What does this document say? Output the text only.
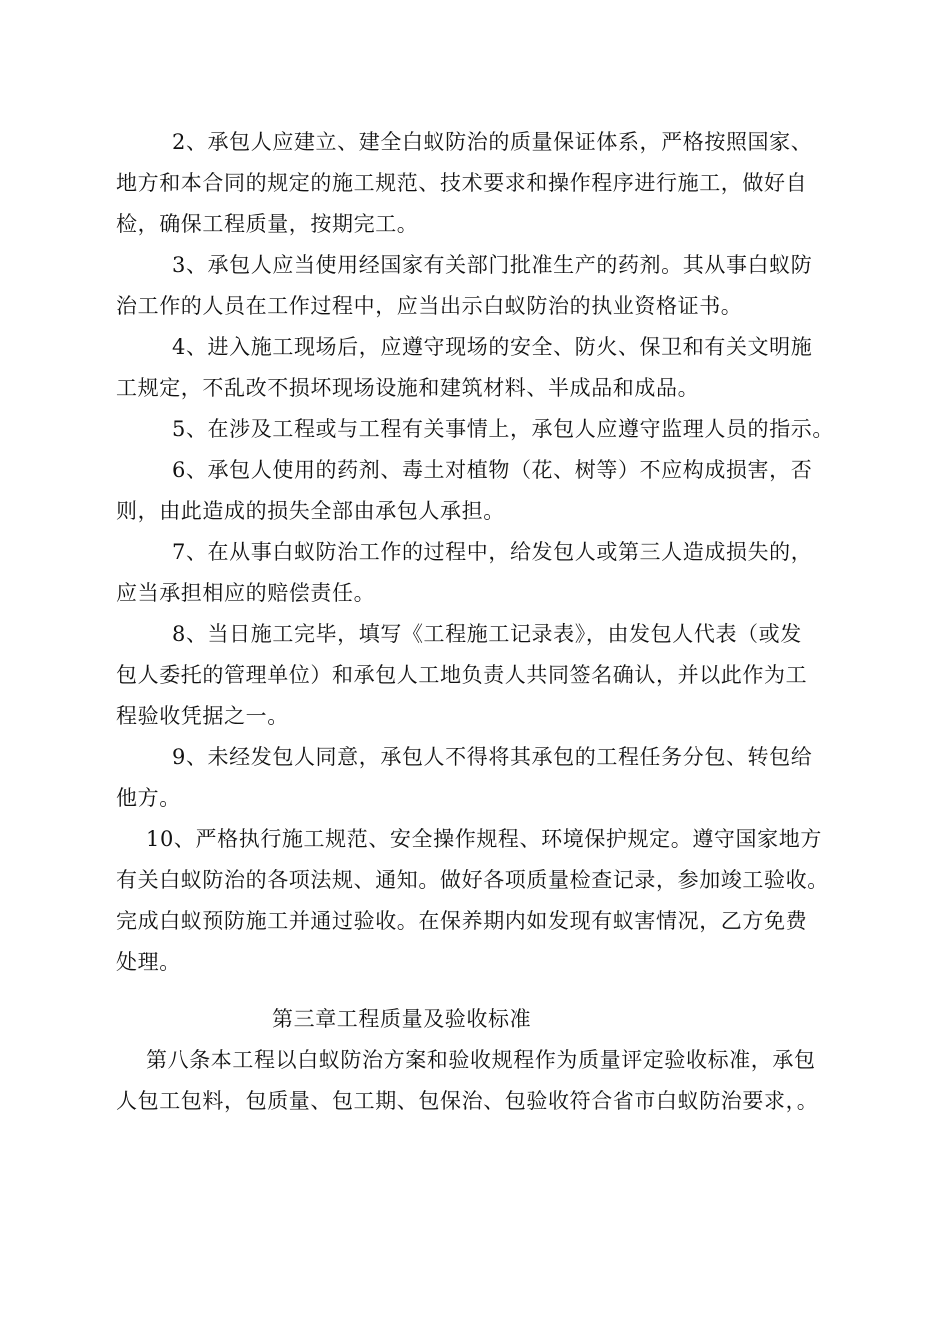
2、承包人应建立、建全白蚁防治的质量保证体系，严格按照国家、
地方和本合同的规定的施工规范、技术要求和操作程序进行施工，做好自
检，确保工程质量，按期完工。
3、承包人应当使用经国家有关部门批准生产的药剂。其从事白蚁防
治工作的人员在工作过程中，应当出示白蚁防治的执业资格证书。
4、进入施工现场后，应遵守现场的安全、防火、保卫和有关文明施
工规定，不乱改不损坏现场设施和建筑材料、半成品和成品。
5、在涉及工程或与工程有关事情上，承包人应遵守监理人员的指示。
6、承包人使用的药剂、毒土对植物（花、树等）不应构成损害，否
则，由此造成的损失全部由承包人承担。
7、在从事白蚁防治工作的过程中，给发包人或第三人造成损失的，
应当承担相应的赔偿责任。
8、当日施工完毕，填写《工程施工记录表》，由发包人代表（或发
包人委托的管理单位）和承包人工地负责人共同签名确认，并以此作为工
程验收凭据之一。
9、未经发包人同意，承包人不得将其承包的工程任务分包、转包给
他方。
10、严格执行施工规范、安全操作规程、环境保护规定。遵守国家地方
有关白蚁防治的各项法规、通知。做好各项质量检查记录，参加竣工验收。
完成白蚁预防施工并通过验收。在保养期内如发现有蚁害情况，乙方免费
处理。
第三章工程质量及验收标准
第八条本工程以白蚁防治方案和验收规程作为质量评定验收标准，承包
人包工包料，包质量、包工期、包保治、包验收符合省市白蚁防治要求，。
